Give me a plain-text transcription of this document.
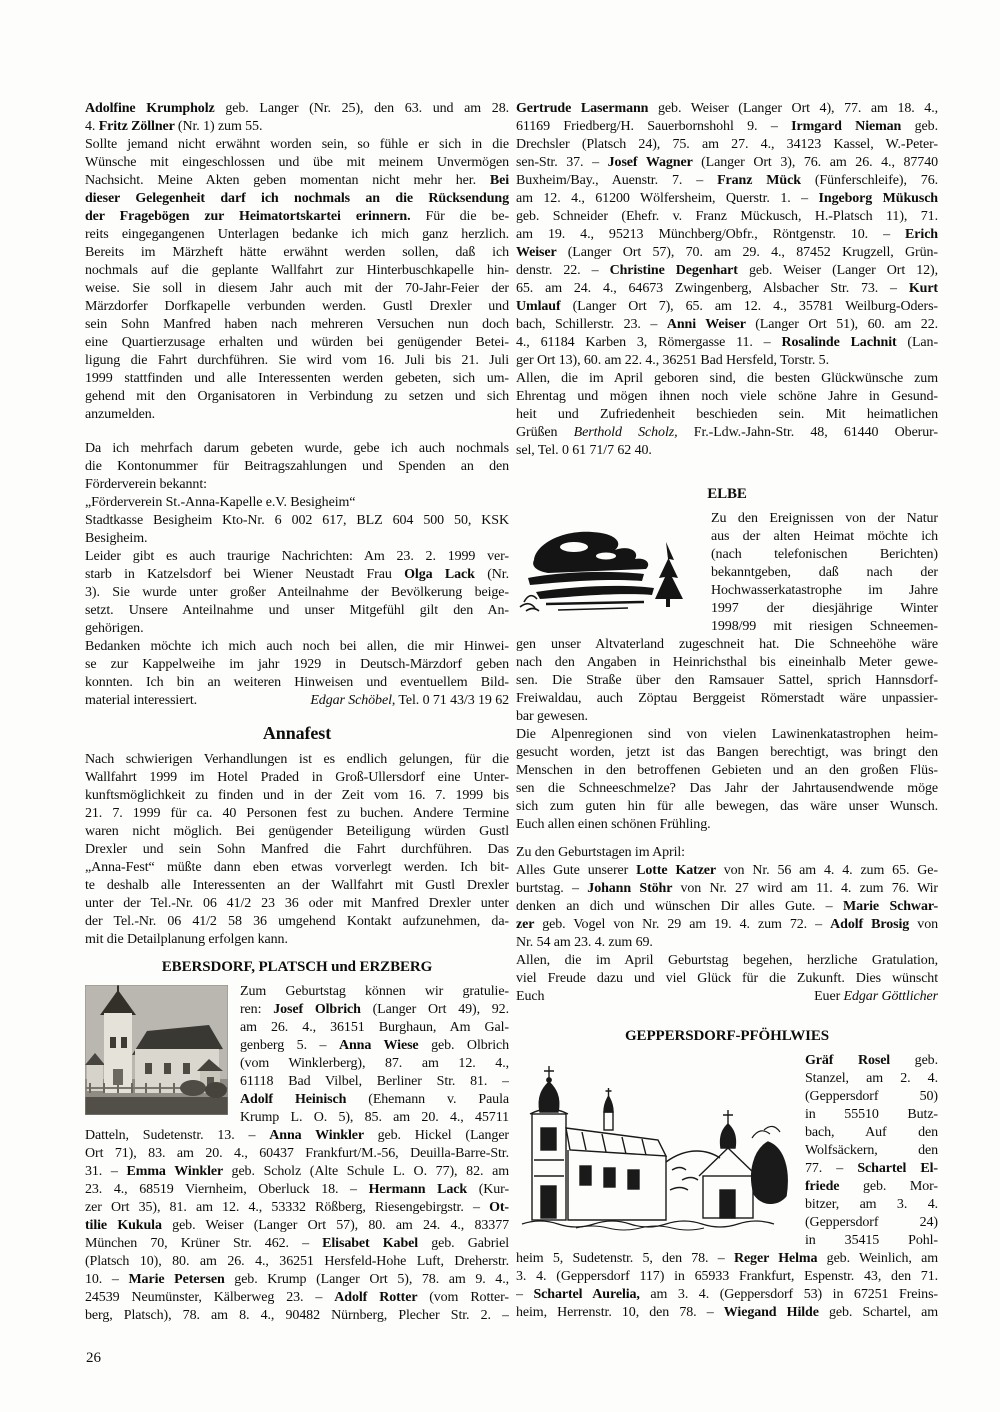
Adolfine Krumpholz geb. Langer (Nr. 25), den 63. und am 28.
4. Fritz Zöllner (Nr. 1) zum 55.
Sollte jemand nicht erwähnt worden sein, so fühle er sich in die
Wünsche mit eingeschlossen und übe mit meinem Unvermögen
Nachsicht. Meine Akten geben momentan nicht mehr her. Bei
dieser Gelegenheit darf ich nochmals an die Rücksendung
der Fragebögen zur Heimatortskartei erinnern. Für die be-
reits eingegangenen Unterlagen bedanke ich mich ganz herzlich.
Bereits im Märzheft hätte erwähnt werden sollen, daß ich
nochmals auf die geplante Wallfahrt zur Hinterbuschkapelle hin-
weise. Sie soll in diesem Jahr auch mit der 70-Jahr-Feier der
Märzdorfer Dorfkapelle verbunden werden. Gustl Drexler und
sein Sohn Manfred haben nach mehreren Versuchen nun doch
eine Quartierzusage erhalten und würden bei genügender Betei-
ligung die Fahrt durchführen. Sie wird vom 16. Juli bis 21. Juli
1999 stattfinden und alle Interessenten werden gebeten, sich um-
gehend mit den Organisatoren in Verbindung zu setzen und sich
anzumelden.
Da ich mehrfach darum gebeten wurde, gebe ich auch nochmals
die Kontonummer für Beitragszahlungen und Spenden an den
Förderverein bekannt:
„Förderverein St.-Anna-Kapelle e.V. Besigheim“
Stadtkasse Besigheim Kto-Nr. 6 002 617, BLZ 604 500 50, KSK
Besigheim.
Leider gibt es auch traurige Nachrichten: Am 23. 2. 1999 ver-
starb in Katzelsdorf bei Wiener Neustadt Frau Olga Lack (Nr.
3). Sie wurde unter großer Anteilnahme der Bevölkerung beige-
setzt. Unsere Anteilnahme und unser Mitgefühl gilt den An-
gehörigen.
Bedanken möchte ich mich auch noch bei allen, die mir Hinwei-
se zur Kappelweihe im jahr 1929 in Deutsch-Märzdorf geben
konnten. Ich bin an weiteren Hinweisen und eventuellem Bild-
material interessiert.	Edgar Schöbel, Tel. 0 71 43/3 19 62
Annafest
Nach schwierigen Verhandlungen ist es endlich gelungen, für die
Wallfahrt 1999 im Hotel Praded in Groß-Ullersdorf eine Unter-
kunftsmöglichkeit zu finden und in der Zeit vom 16. 7. 1999 bis
21. 7. 1999 für ca. 40 Personen fest zu buchen. Andere Termine
waren nicht möglich. Bei genügender Beteiligung würden Gustl
Drexler und sein Sohn Manfred die Fahrt durchführen. Das
„Anna-Fest“ müßte dann eben etwas vorverlegt werden. Ich bit-
te deshalb alle Interessenten an der Wallfahrt mit Gustl Drexler
unter der Tel.-Nr. 06 41/2 23 36 oder mit Manfred Drexler unter
der Tel.-Nr. 06 41/2 58 36 umgehend Kontakt aufzunehmen, da-
mit die Detailplanung erfolgen kann.
EBERSDORF, PLATSCH und ERZBERG
Zum Geburtstag können wir gratulie-
ren: Josef Olbrich (Langer Ort 49), 92.
am 26. 4., 36151 Burghaun, Am Gal-
genberg 5. – Anna Wiese geb. Olbrich
(vom Winklerberg), 87. am 12. 4.,
61118 Bad Vilbel, Berliner Str. 81. –
Adolf Heinisch (Ehemann v. Paula
Krump L. O. 5), 85. am 20. 4., 45711
Datteln, Sudetenstr. 13. – Anna Winkler geb. Hickel (Langer
Ort 71), 83. am 20. 4., 60437 Frankfurt/M.-56, Deuilla-Barre-Str.
31. – Emma Winkler geb. Scholz (Alte Schule L. O. 77), 82. am
23. 4., 68519 Viernheim, Oberluck 18. – Hermann Lack (Kur-
zer Ort 35), 81. am 12. 4., 53332 Rößberg, Riesengebirgstr. – Ot-
tilie Kukula geb. Weiser (Langer Ort 57), 80. am 24. 4., 83377
München 70, Krüner Str. 462. – Elisabet Kabel geb. Gabriel
(Platsch 10), 80. am 26. 4., 36251 Hersfeld-Hohe Luft, Dreherstr.
10. – Marie Petersen geb. Krump (Langer Ort 5), 78. am 9. 4.,
24539 Neumünster, Kälberweg 23. – Adolf Rotter (vom Rotter-
berg, Platsch), 78. am 8. 4., 90482 Nürnberg, Plecher Str. 2. –
Gertrude Lasermann geb. Weiser (Langer Ort 4), 77. am 18. 4.,
61169 Friedberg/H. Sauerbornshohl 9. – Irmgard Nieman geb.
Drechsler (Platsch 24), 75. am 27. 4., 34123 Kassel, W.-Peter-
sen-Str. 37. – Josef Wagner (Langer Ort 3), 76. am 26. 4., 87740
Buxheim/Bay., Auenstr. 7. – Franz Mück (Fünferschleife), 76.
am 12. 4., 61200 Wölfersheim, Querstr. 1. – Ingeborg Mükusch
geb. Schneider (Ehefr. v. Franz Mückusch, H.-Platsch 11), 71.
am 19. 4., 95213 Münchberg/Obfr., Röntgenstr. 10. – Erich
Weiser (Langer Ort 57), 70. am 29. 4., 87452 Krugzell, Grün-
denstr. 22. – Christine Degenhart geb. Weiser (Langer Ort 12),
65. am 24. 4., 64673 Zwingenberg, Alsbacher Str. 73. – Kurt
Umlauf (Langer Ort 7), 65. am 12. 4., 35781 Weilburg-Oders-
bach, Schillerstr. 23. – Anni Weiser (Langer Ort 51), 60. am 22.
4., 61184 Karben 3, Römergasse 11. – Rosalinde Lachnit (Lan-
ger Ort 13), 60. am 22. 4., 36251 Bad Hersfeld, Torstr. 5.
Allen, die im April geboren sind, die besten Glückwünsche zum
Ehrentag und mögen ihnen noch viele schöne Jahre in Gesund-
heit und Zufriedenheit beschieden sein. Mit heimatlichen
Grüßen Berthold Scholz, Fr.-Ldw.-Jahn-Str. 48, 61440 Oberur-
sel, Tel. 0 61 71/7 62 40.
ELBE
Zu den Ereignissen von der Natur
aus der alten Heimat möchte ich
(nach telefonischen Berichten)
bekanntgeben, daß nach der
Hochwasserkatastrophe im Jahre
1997 der diesjährige Winter
1998/99 mit riesigen Schneemen-
gen unser Altvaterland zugeschneit hat. Die Schneehöhe wäre
nach den Angaben in Heinrichsthal bis eineinhalb Meter gewe-
sen. Die Straße über den Ramsauer Sattel, sprich Hannsdorf-
Freiwaldau, auch Zöptau Berggeist Römerstadt wäre unpassier-
bar gewesen.
Die Alpenregionen sind von vielen Lawinenkatastrophen heim-
gesucht worden, jetzt ist das Bangen berechtigt, was bringt den
Menschen in den betroffenen Gebieten und an den großen Flüs-
sen die Schneeschmelze? Das Jahr der Jahrtausendwende möge
sich zum guten hin für alle bewegen, das wäre unser Wunsch.
Euch allen einen schönen Frühling.
Zu den Geburtstagen im April:
Alles Gute unserer Lotte Katzer von Nr. 56 am 4. 4. zum 65. Ge-
burtstag. – Johann Stöhr von Nr. 27 wird am 11. 4. zum 76. Wir
denken an dich und wünschen Dir alles Gute. – Marie Schwar-
zer geb. Vogel von Nr. 29 am 19. 4. zum 72. – Adolf Brosig von
Nr. 54 am 23. 4. zum 69.
Allen, die im April Geburtstag begehen, herzliche Gratulation,
viel Freude dazu und viel Glück für die Zukunft. Dies wünscht
Euch	Euer Edgar Göttlicher
GEPPERSDORF-PFÖHLWIES
Gräf Rosel geb.
Stanzel, am 2. 4.
(Geppersdorf 50)
in 55510 Butz-
bach, Auf den
Wolfsäckern, den
77. – Schartel El-
friede geb. Mor-
bitzer, am 3. 4.
(Geppersdorf 24)
in 35415 Pohl-
heim 5, Sudetenstr. 5, den 78. – Reger Helma geb. Weinlich, am
3. 4. (Geppersdorf 117) in 65933 Frankfurt, Espenstr. 43, den 71.
– Schartel Aurelia, am 3. 4. (Geppersdorf 53) in 67251 Freins-
heim, Herrenstr. 10, den 78. – Wiegand Hilde geb. Schartel, am
26
